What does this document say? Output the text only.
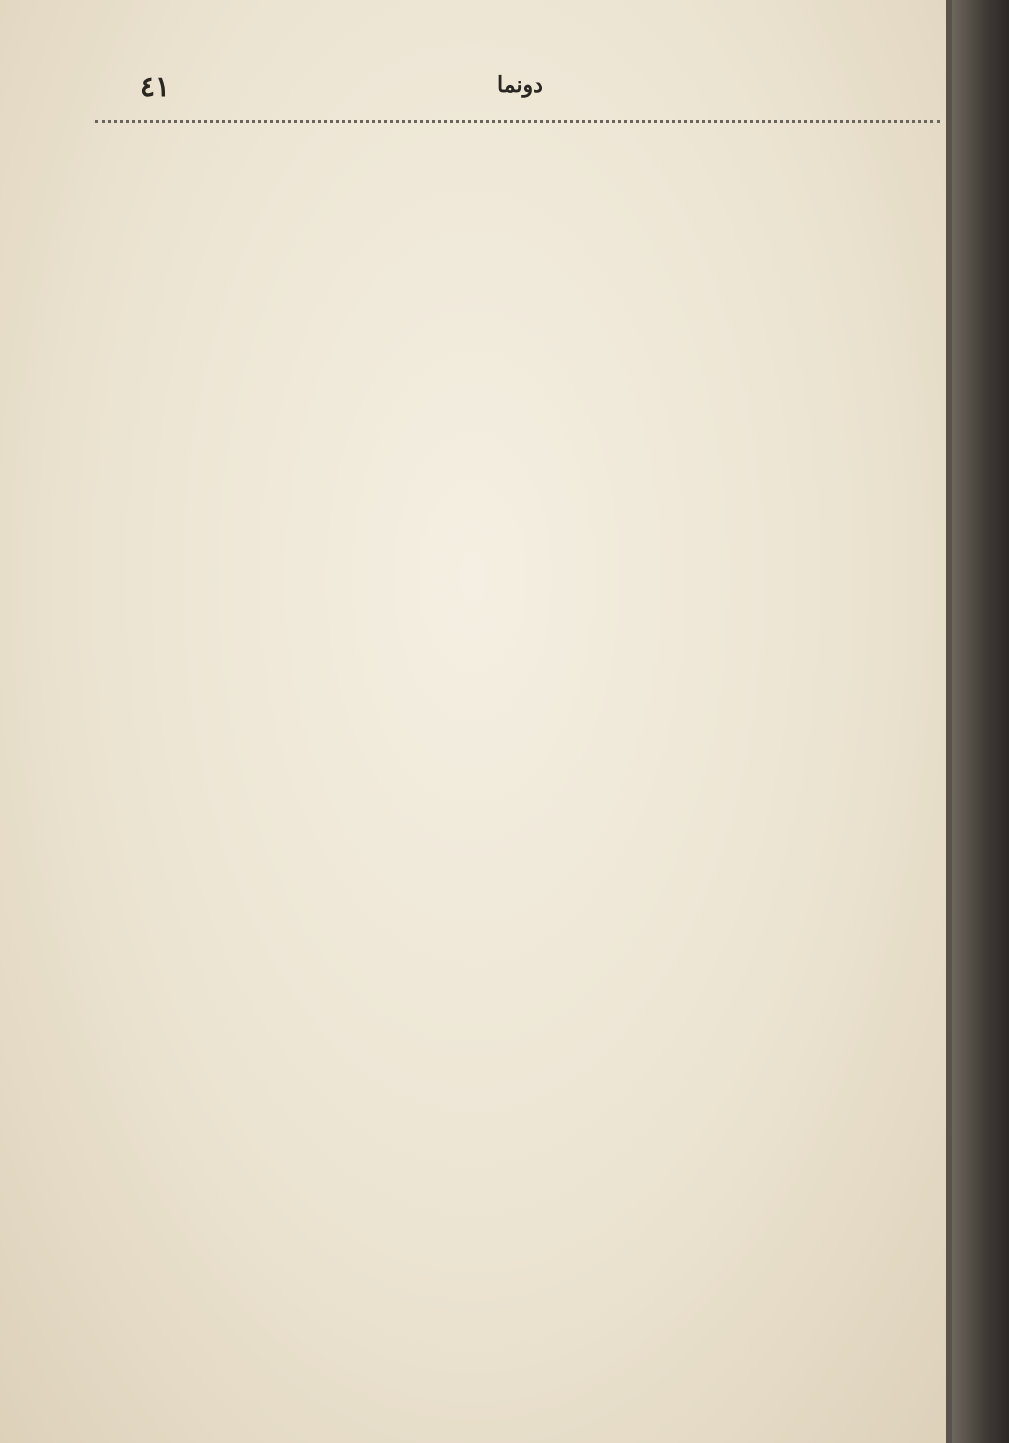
٤١	دونما
